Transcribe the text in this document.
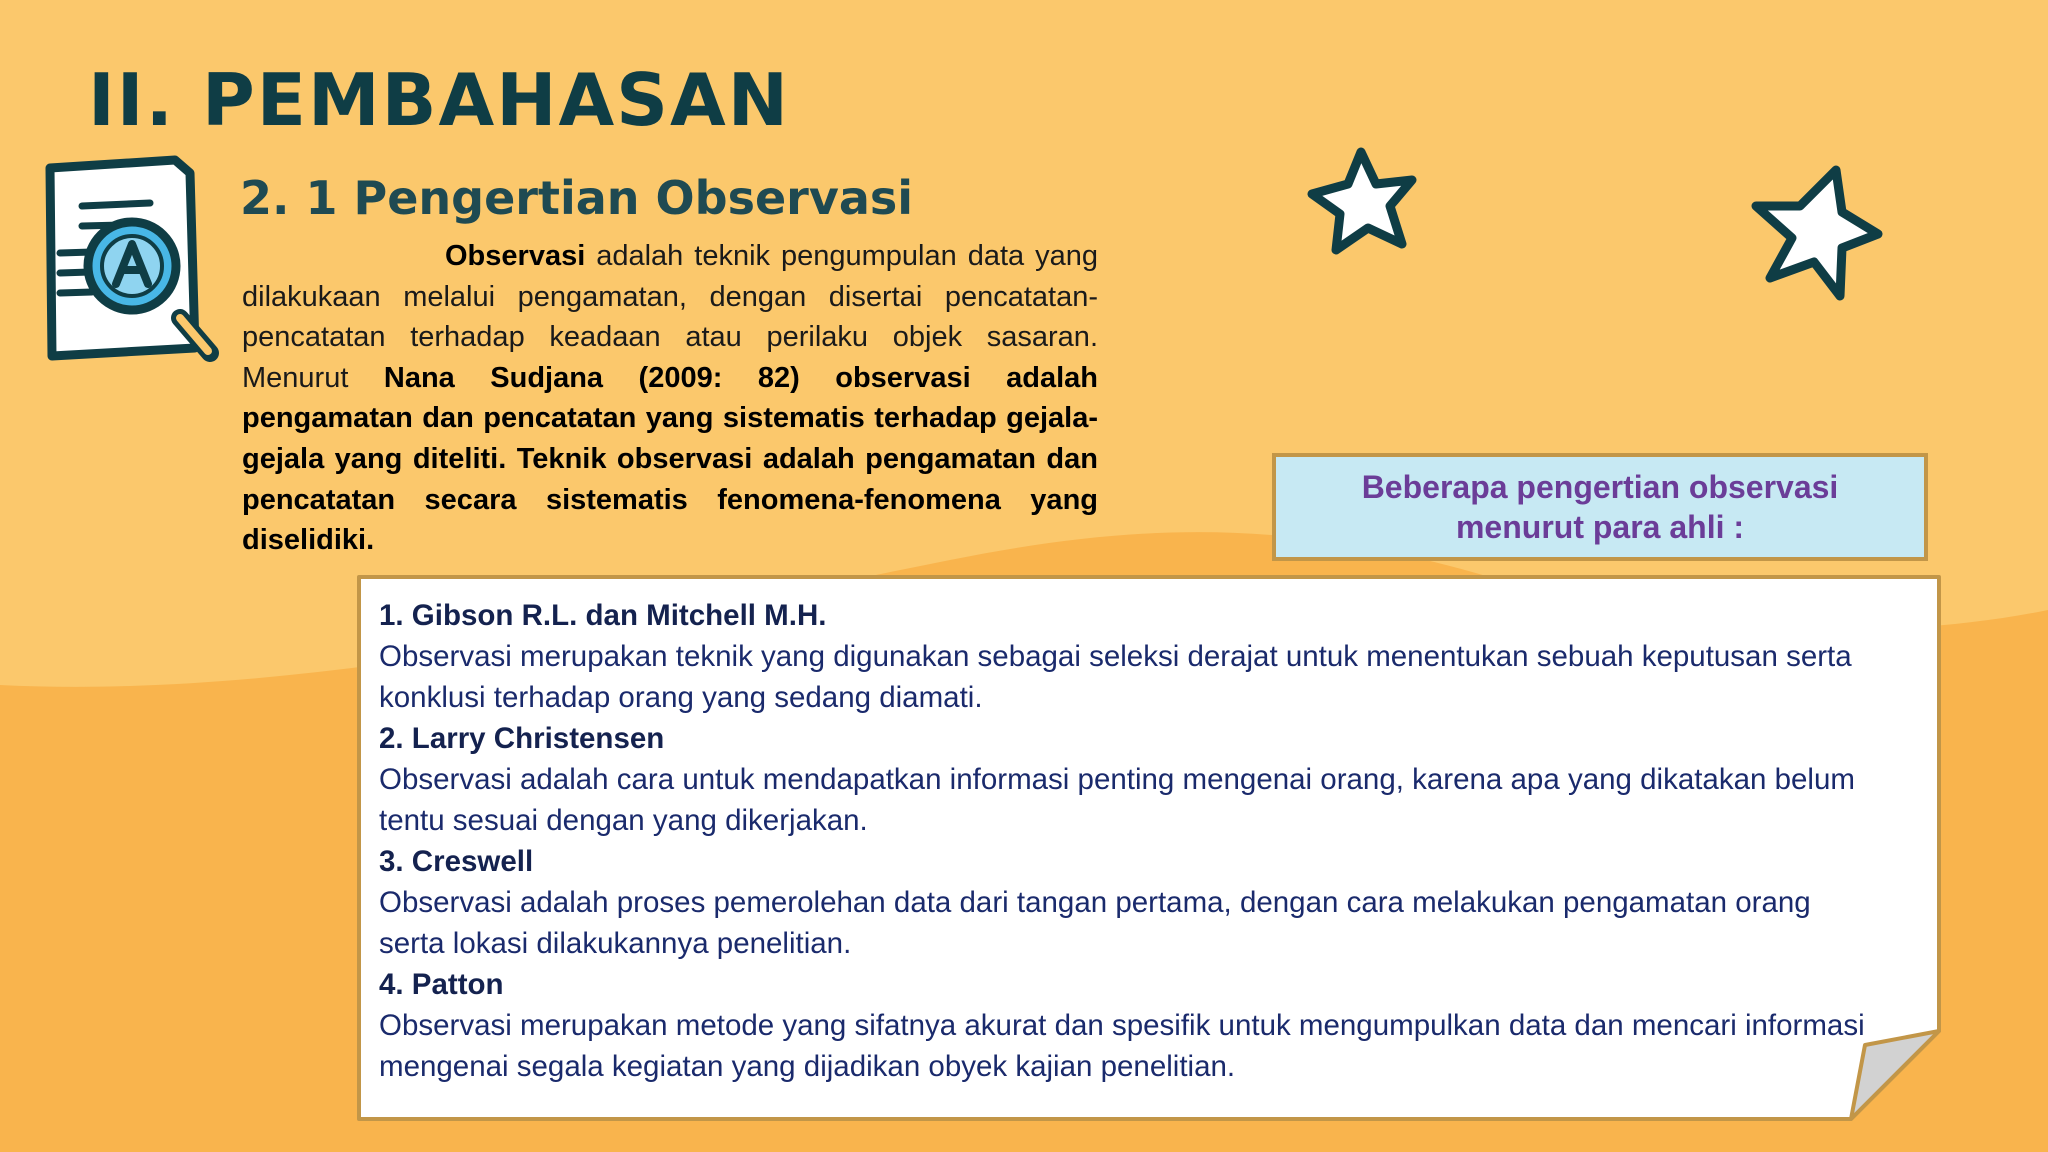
II. PEMBAHASAN
2. 1 Pengertian Observasi

Observasi adalah teknik pengumpulan data yang dilakukaan melalui pengamatan, dengan disertai pencatatan-pencatatan terhadap keadaan atau perilaku objek sasaran. Menurut Nana Sudjana (2009: 82) observasi adalah pengamatan dan pencatatan yang sistematis terhadap gejala-gejala yang diteliti. Teknik observasi adalah pengamatan dan pencatatan secara sistematis fenomena-fenomena yang diselidiki.

Beberapa pengertian observasi menurut para ahli :

1. Gibson R.L. dan Mitchell M.H.
Observasi merupakan teknik yang digunakan sebagai seleksi derajat untuk menentukan sebuah keputusan serta konklusi terhadap orang yang sedang diamati.
2. Larry Christensen
Observasi adalah cara untuk mendapatkan informasi penting mengenai orang, karena apa yang dikatakan belum tentu sesuai dengan yang dikerjakan.
3. Creswell
Observasi adalah proses pemerolehan data dari tangan pertama, dengan cara melakukan pengamatan orang serta lokasi dilakukannya penelitian.
4. Patton
Observasi merupakan metode yang sifatnya akurat dan spesifik untuk mengumpulkan data dan mencari informasi mengenai segala kegiatan yang dijadikan obyek kajian penelitian.
